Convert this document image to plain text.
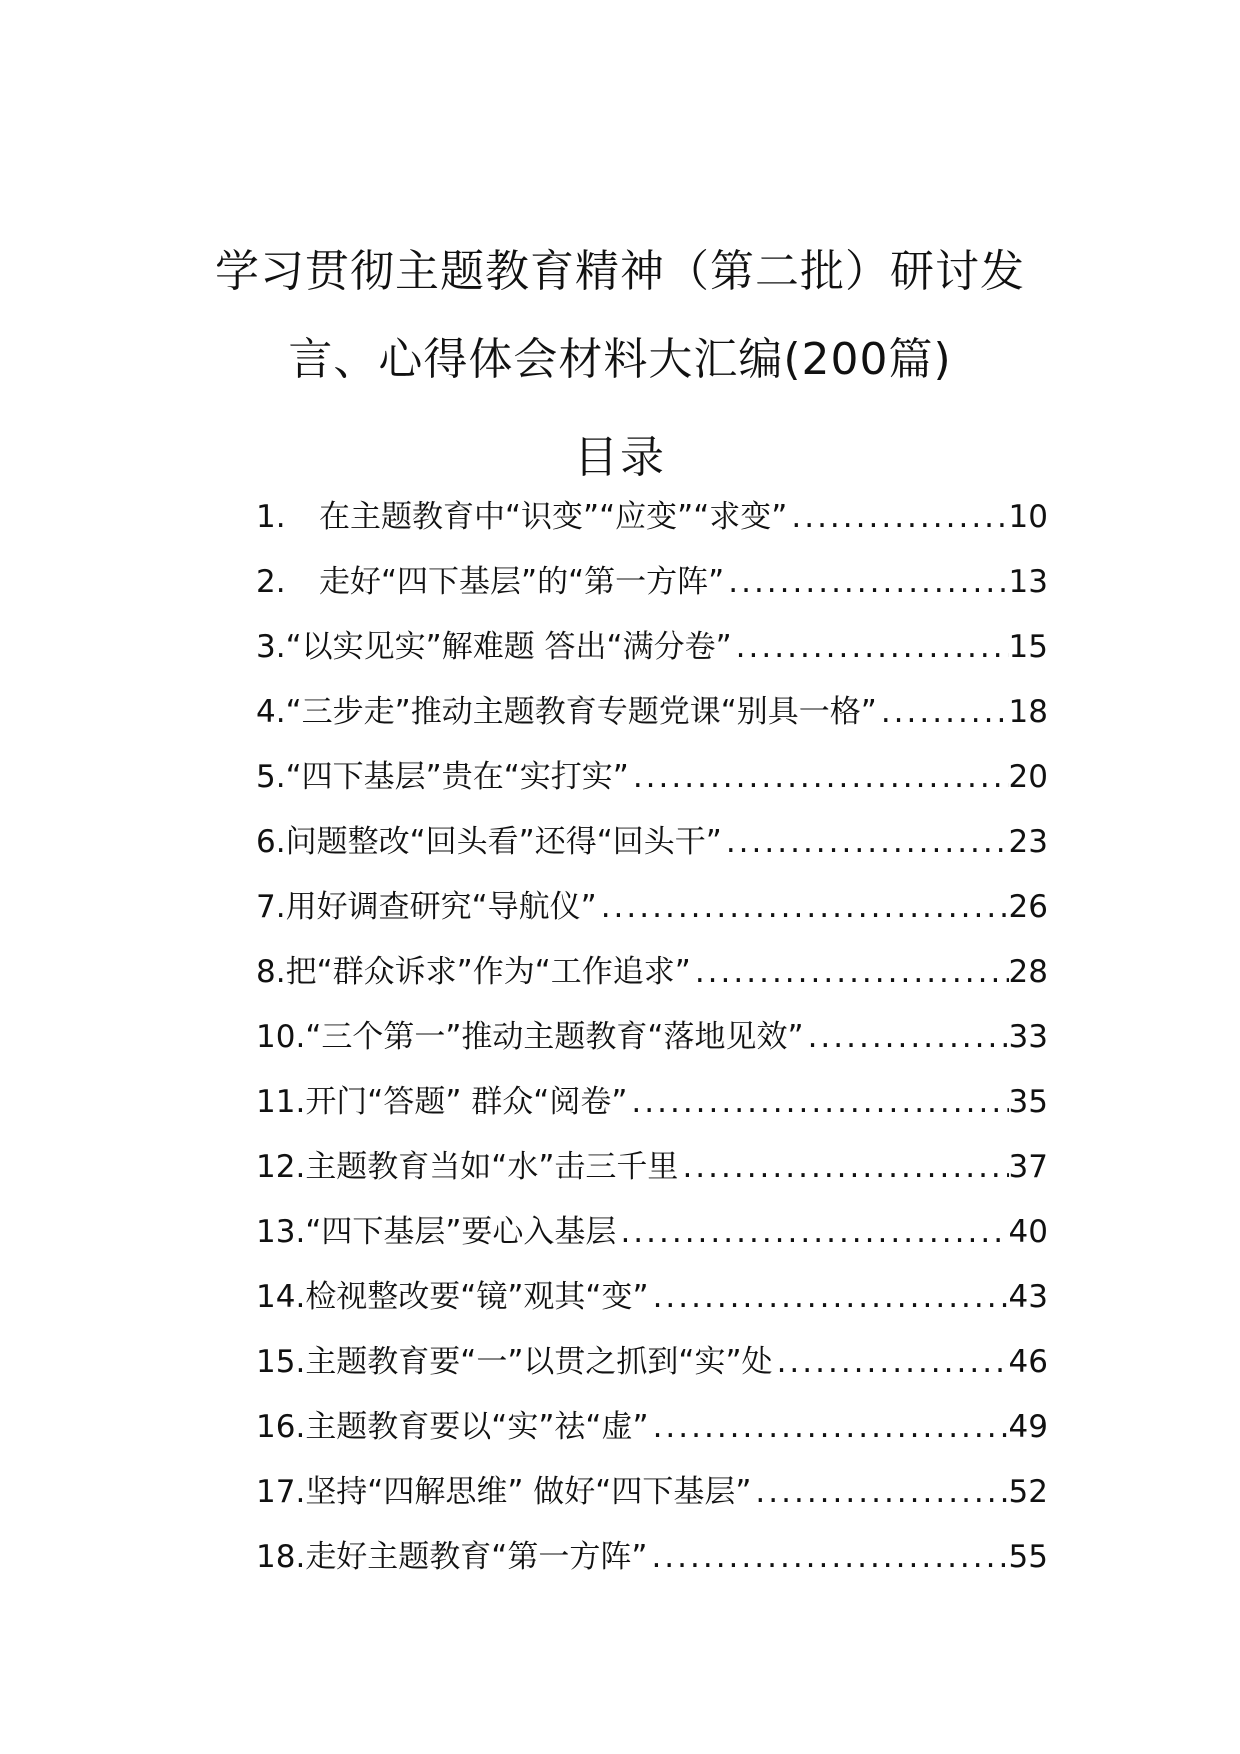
学习贯彻主题教育精神（第二批）研讨发
言、心得体会材料大汇编(200篇)
目录
1.	在主题教育中“识变”“应变”“求变” .....	10
2.	走好“四下基层”的“第一方阵” .....	13
3. “以实见实”解难题 答出“满分卷” .....	15
4. “三步走”推动主题教育专题党课“别具一格” .....	18
5. “四下基层”贵在“实打实” .....	20
6. 问题整改“回头看”还得“回头干” .....	23
7. 用好调查研究“导航仪” .....	26
8. 把“群众诉求”作为“工作追求” .....	28
10. “三个第一”推动主题教育“落地见效” .....	33
11. 开门“答题” 群众“阅卷” .....	35
12. 主题教育当如“水”击三千里 .....	37
13. “四下基层”要心入基层 .....	40
14. 检视整改要“镜”观其“变” .....	43
15. 主题教育要“一”以贯之抓到“实”处 .....	46
16. 主题教育要以“实”祛“虚” .....	49
17. 坚持“四解思维” 做好“四下基层” .....	52
18. 走好主题教育“第一方阵” .....	55
